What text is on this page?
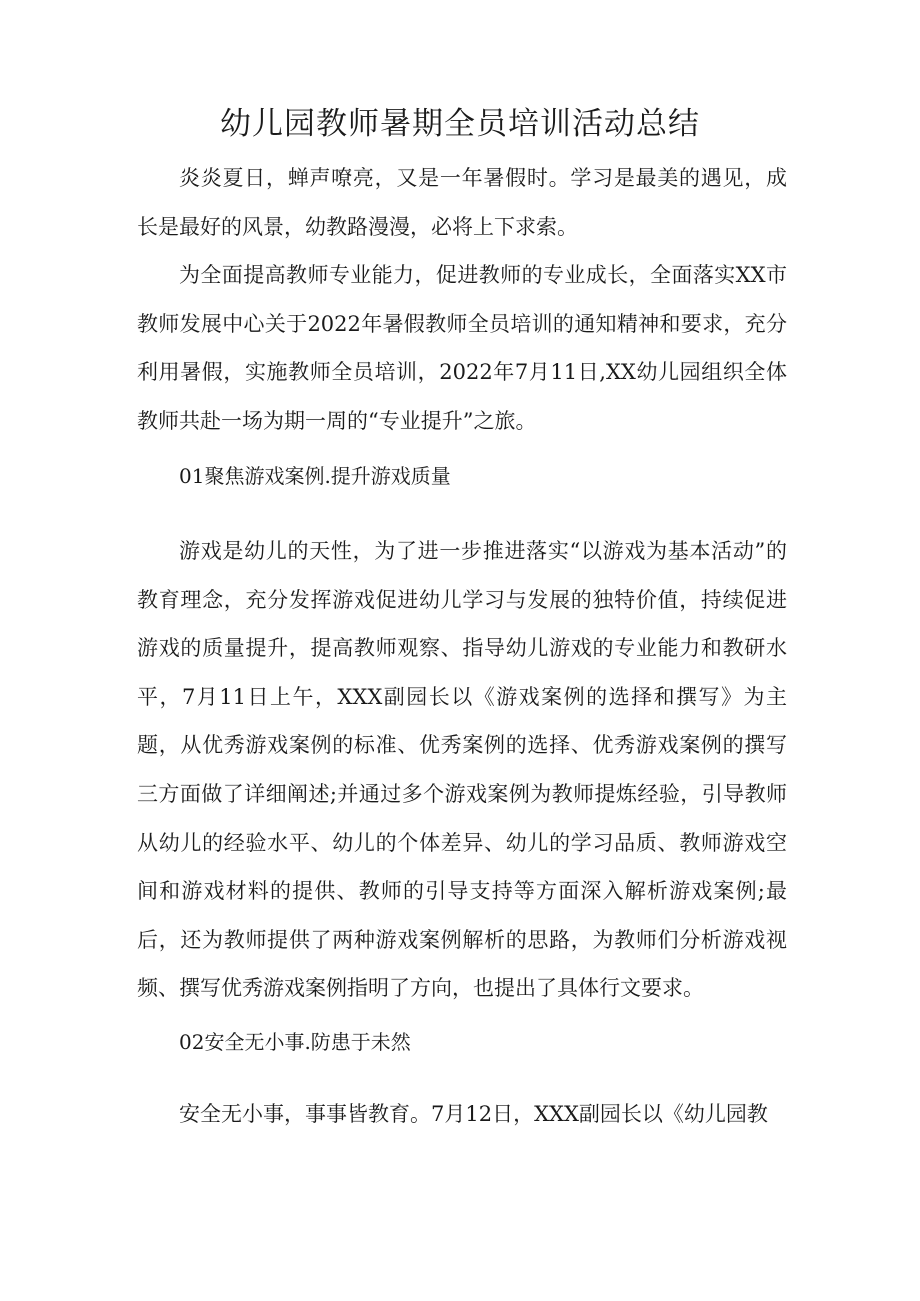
幼儿园教师暑期全员培训活动总结

炎炎夏日，蝉声嘹亮，又是一年暑假时。学习是最美的遇见，成长是最好的风景，幼教路漫漫，必将上下求索。

为全面提高教师专业能力，促进教师的专业成长，全面落实XX市教师发展中心关于2022年暑假教师全员培训的通知精神和要求，充分利用暑假，实施教师全员培训，2022年7月11日,XX幼儿园组织全体教师共赴一场为期一周的“专业提升”之旅。

01聚焦游戏案例.提升游戏质量

游戏是幼儿的天性，为了进一步推进落实“以游戏为基本活动”的教育理念，充分发挥游戏促进幼儿学习与发展的独特价值，持续促进游戏的质量提升，提高教师观察、指导幼儿游戏的专业能力和教研水平，7月11日上午，XXX副园长以《游戏案例的选择和撰写》为主题，从优秀游戏案例的标准、优秀案例的选择、优秀游戏案例的撰写三方面做了详细阐述;并通过多个游戏案例为教师提炼经验，引导教师从幼儿的经验水平、幼儿的个体差异、幼儿的学习品质、教师游戏空间和游戏材料的提供、教师的引导支持等方面深入解析游戏案例;最后，还为教师提供了两种游戏案例解析的思路，为教师们分析游戏视频、撰写优秀游戏案例指明了方向，也提出了具体行文要求。

02安全无小事.防患于未然

安全无小事，事事皆教育。7月12日，XXX副园长以《幼儿园教
